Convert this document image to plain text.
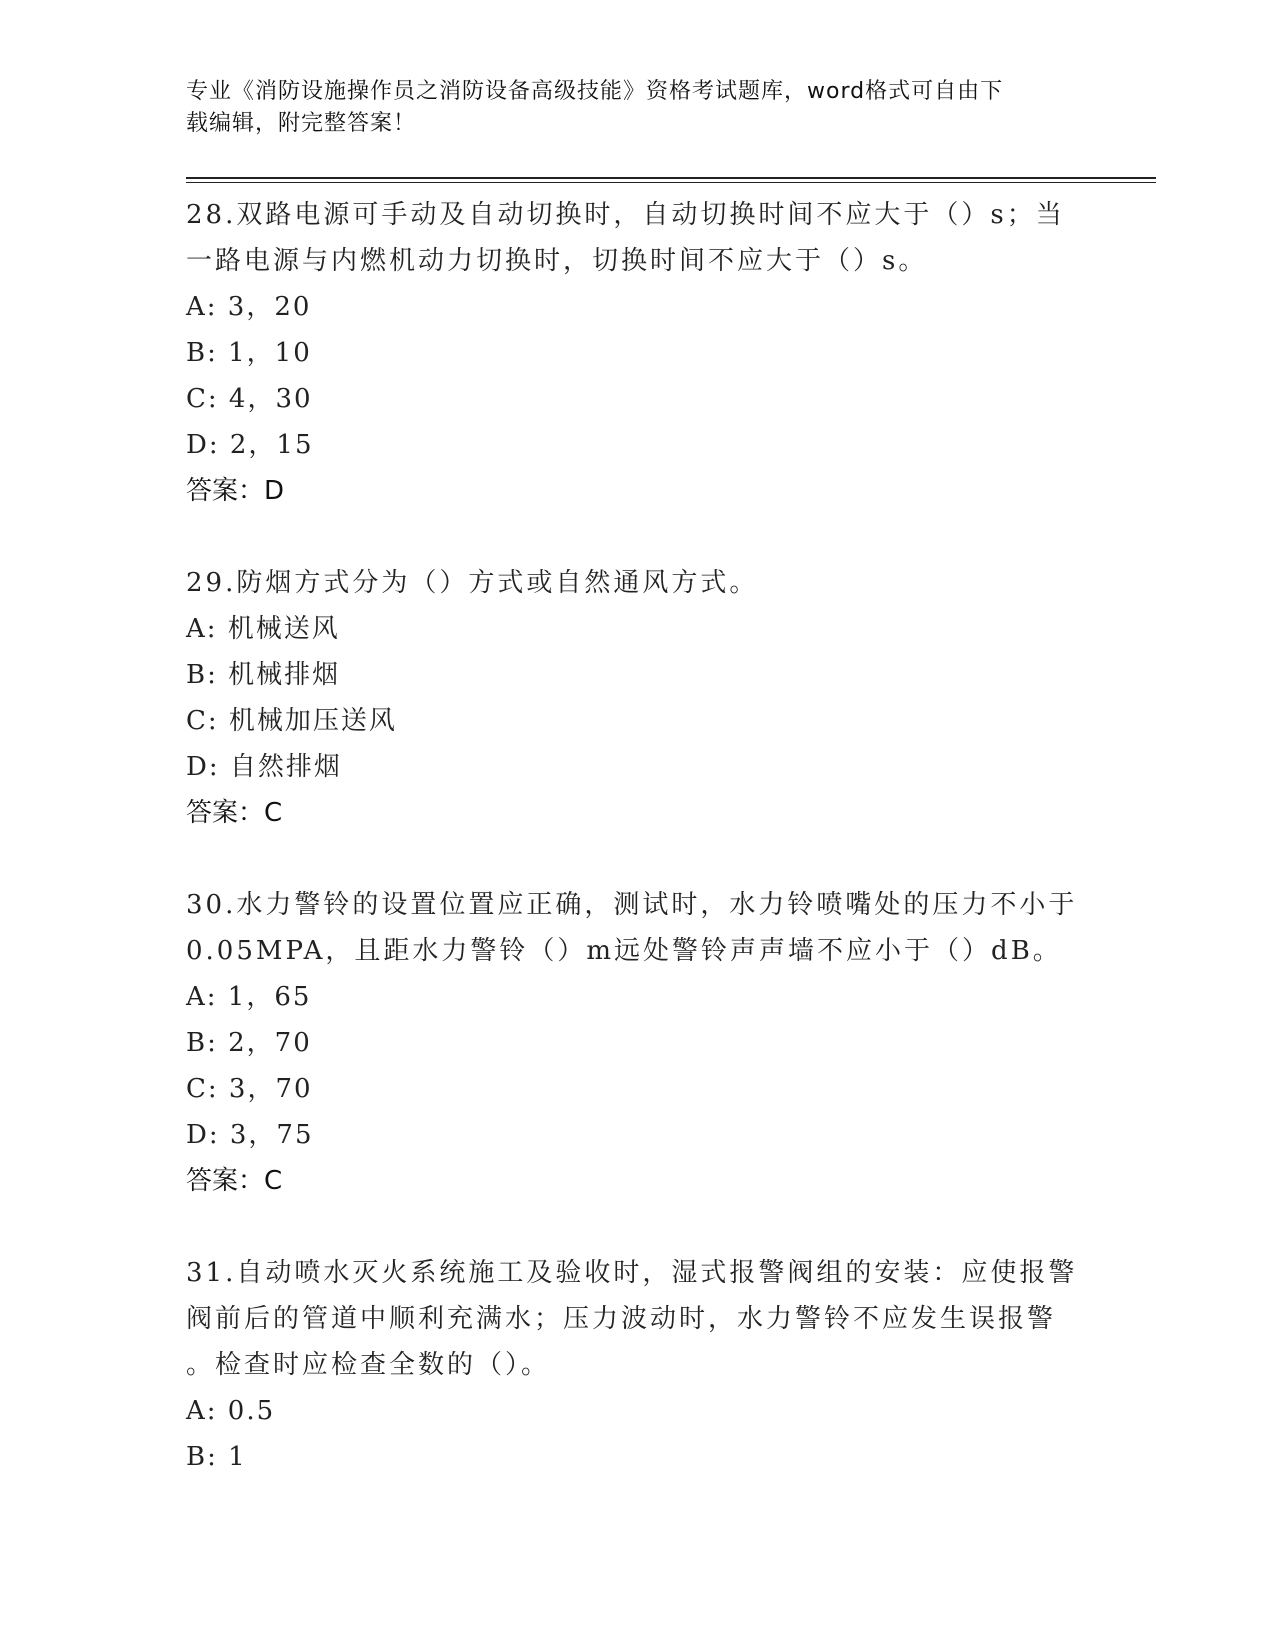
专业《消防设施操作员之消防设备高级技能》资格考试题库，word格式可自由下
载编辑，附完整答案！

28.双路电源可手动及自动切换时，自动切换时间不应大于（）s；当

一路电源与内燃机动力切换时，切换时间不应大于（）s。

A: 3，20

B: 1，10

C: 4，30

D: 2，15

答案：D

29.防烟方式分为（）方式或自然通风方式。

A: 机械送风

B: 机械排烟

C: 机械加压送风

D: 自然排烟

答案：C

30.水力警铃的设置位置应正确，测试时，水力铃喷嘴处的压力不小于

0.05MPA，且距水力警铃（）m远处警铃声声墙不应小于（）dB。

A: 1，65

B: 2，70

C: 3，70

D: 3，75

答案：C

31.自动喷水灭火系统施工及验收时，湿式报警阀组的安装：应使报警

阀前后的管道中顺利充满水；压力波动时，水力警铃不应发生误报警

。检查时应检查全数的（）。

A: 0.5

B: 1
